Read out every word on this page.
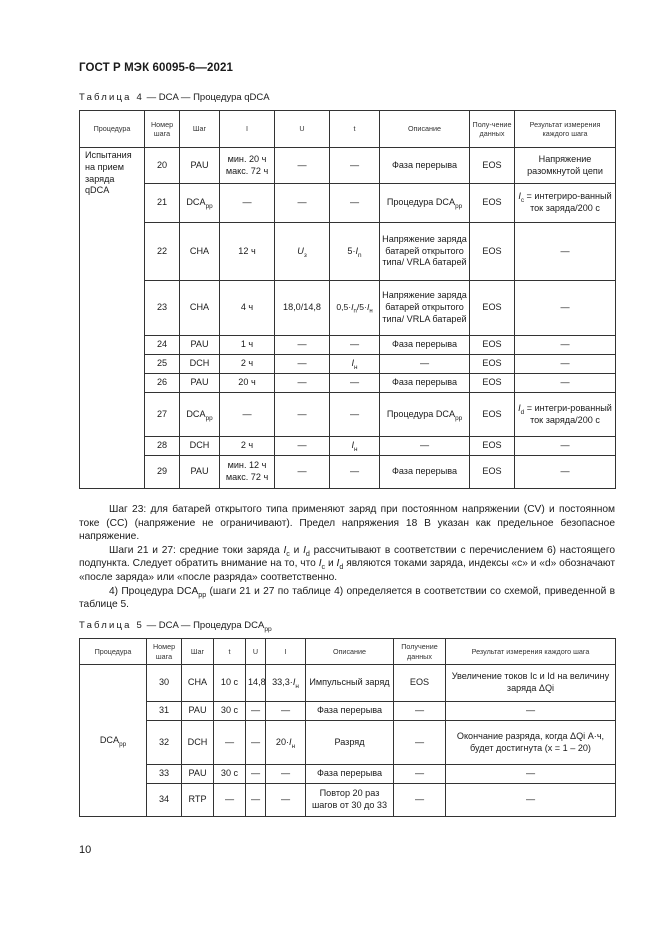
ГОСТ Р МЭК 60095-6—2021
Таблица 4 — DCA — Процедура qDCA
Процедура	Номер шага	Шаг	I	U	t	Описание	Полу-чение данных	Результат измерения каждого шага
Испытания на прием заряда qDCA	20	PAU	мин. 20 ч макс. 72 ч	—	—	Фаза перерыва	EOS	Напряжение разомкнутой цепи
	21	$DCA_{pp}$	—	—	—	Процедура $DCA_{pp}$	EOS	$I_c$ = интегриро-ванный ток заряда/200 с
	22	CHA	12 ч	$U_з$	$5\cdot I_n$	Напряжение заряда батарей открытого типа/ VRLA батарей	EOS	—
	23	CHA	4 ч	18,0/14,8	$0,5\cdot I_n/5\cdot I_н$	Напряжение заряда батарей открытого типа/ VRLA батарей	EOS	—
	24	PAU	1 ч	—	—	Фаза перерыва	EOS	—
	25	DCH	2 ч	—	$I_н$	—	EOS	—
	26	PAU	20 ч	—	—	Фаза перерыва	EOS	—
	27	$DCA_{pp}$	—	—	—	Процедура $DCA_{pp}$	EOS	$I_d$ = интегри-рованный ток заряда/200 с
	28	DCH	2 ч	—	$I_н$	—	EOS	—
	29	PAU	мин. 12 ч макс. 72 ч	—	—	Фаза перерыва	EOS	—

Шаг 23: для батарей открытого типа применяют заряд при постоянном напряжении (CV) и постоянном токе (CC) (напряжение не ограничивают). Предел напряжения 18 В указан как предельное безопасное напряжение.

Шаги 21 и 27: средние токи заряда $I_c$ и $I_d$ рассчитывают в соответствии с перечислением 6) настоящего подпункта. Следует обратить внимание на то, что $I_c$ и $I_d$ являются токами заряда, индексы «c» и «d» обозначают «после заряда» или «после разряда» соответственно.

4) Процедура $DCA_{pp}$ (шаги 21 и 27 по таблице 4) определяется в соответствии со схемой, приведенной в таблице 5.

Таблица 5 — DCA — Процедура $DCA_{pp}$
Процедура	Номер шага	Шаг	t	U	I	Описание	Получение данных	Результат измерения каждого шага
$DCA_{pp}$	30	CHA	10 с	14,8	$33,3\cdot I_н$	Импульсный заряд	EOS	Увеличение токов Ic и Id на величину заряда ΔQi
	31	PAU	30 с	—	—	Фаза перерыва	—	—
	32	DCH	—	—	$20\cdot I_н$	Разряд	—	Окончание разряда, когда ΔQi А·ч, будет достигнута (x = 1 – 20)
	33	PAU	30 с	—	—	Фаза перерыва	—	—
	34	RTP	—	—	—	Повтор 20 раз шагов от 30 до 33	—	—
10
